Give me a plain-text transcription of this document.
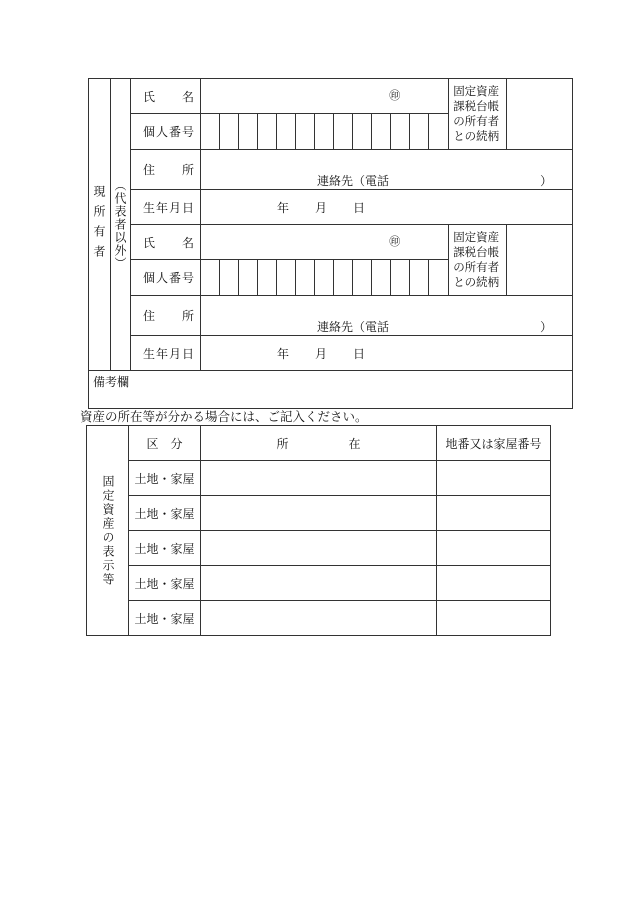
現所有者	（代表者以外）	氏 名	㊞													固定資産課税台帳の所有者との続柄	

		個 人 番 号															

		住 所	連絡先（電話 ）														

		生 年 月 日	年 月 日														

		氏 名	㊞													固定資産課税台帳の所有者との続柄	

		個 人 番 号															

		住 所	連絡先（電話 ）														

		生 年 月 日	年 月 日														

備考欄																	
資産の所在等が分かる場合には、ご記入ください。
固定資産の表示等	区　分	所　　　　　在	地番又は家屋番号
	土地・家屋		
	土地・家屋		
	土地・家屋		
	土地・家屋		
	土地・家屋		
